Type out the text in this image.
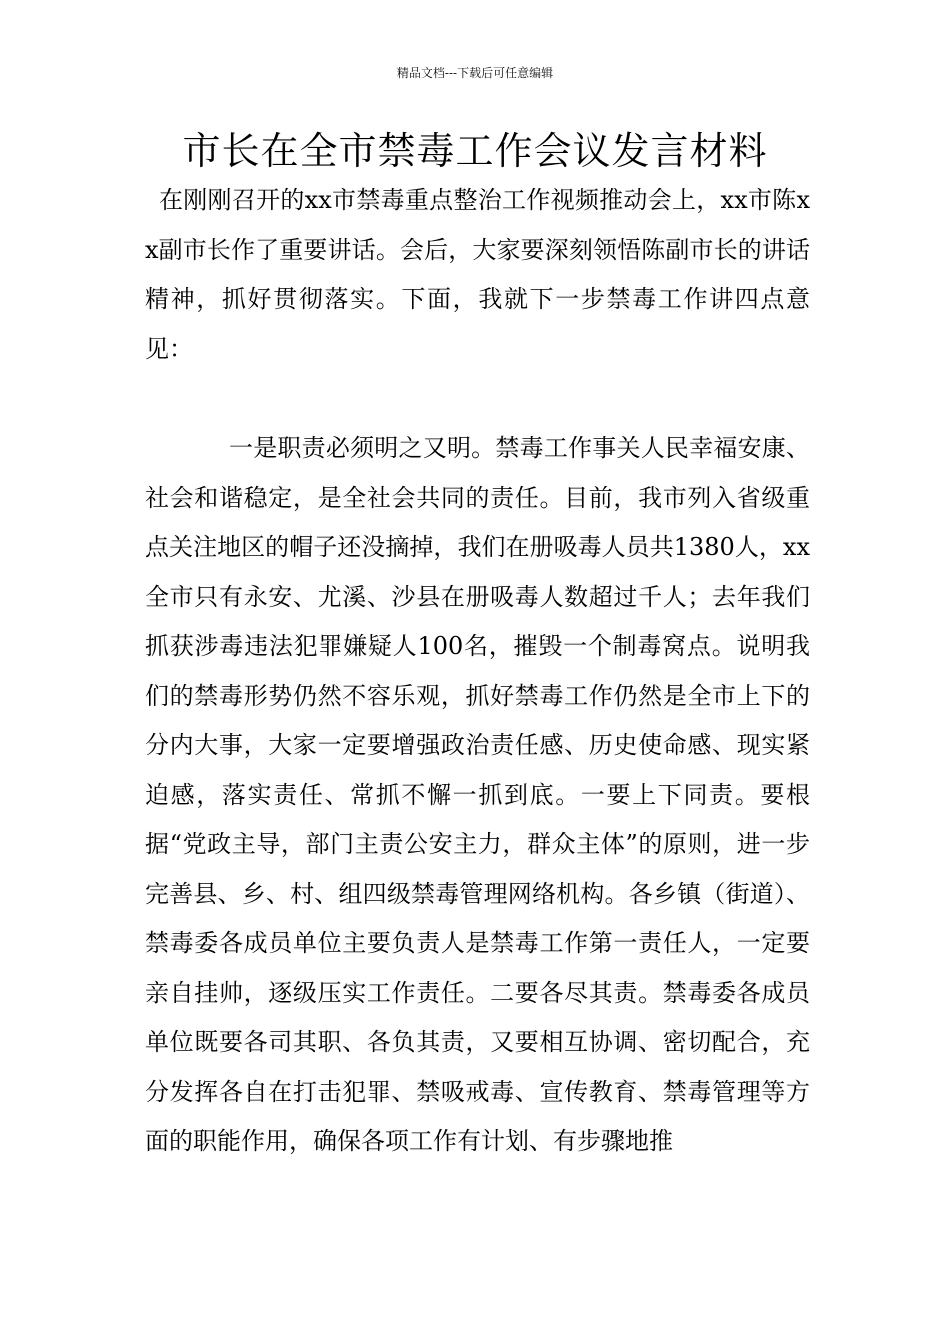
精品文档---下载后可任意编辑
市长在全市禁毒工作会议发言材料

在刚刚召开的xx市禁毒重点整治工作视频推动会上，xx市陈xx副市长作了重要讲话。会后，大家要深刻领悟陈副市长的讲话精神，抓好贯彻落实。下面，我就下一步禁毒工作讲四点意见：

一是职责必须明之又明。禁毒工作事关人民幸福安康、社会和谐稳定，是全社会共同的责任。目前，我市列入省级重点关注地区的帽子还没摘掉，我们在册吸毒人员共1380人，xx全市只有永安、尤溪、沙县在册吸毒人数超过千人；去年我们抓获涉毒违法犯罪嫌疑人100名，摧毁一个制毒窝点。说明我们的禁毒形势仍然不容乐观，抓好禁毒工作仍然是全市上下的分内大事，大家一定要增强政治责任感、历史使命感、现实紧迫感，落实责任、常抓不懈一抓到底。一要上下同责。要根据“党政主导，部门主责公安主力，群众主体”的原则，进一步完善县、乡、村、组四级禁毒管理网络机构。各乡镇（街道）、禁毒委各成员单位主要负责人是禁毒工作第一责任人，一定要亲自挂帅，逐级压实工作责任。二要各尽其责。禁毒委各成员单位既要各司其职、各负其责，又要相互协调、密切配合，充分发挥各自在打击犯罪、禁吸戒毒、宣传教育、禁毒管理等方面的职能作用，确保各项工作有计划、有步骤地推
